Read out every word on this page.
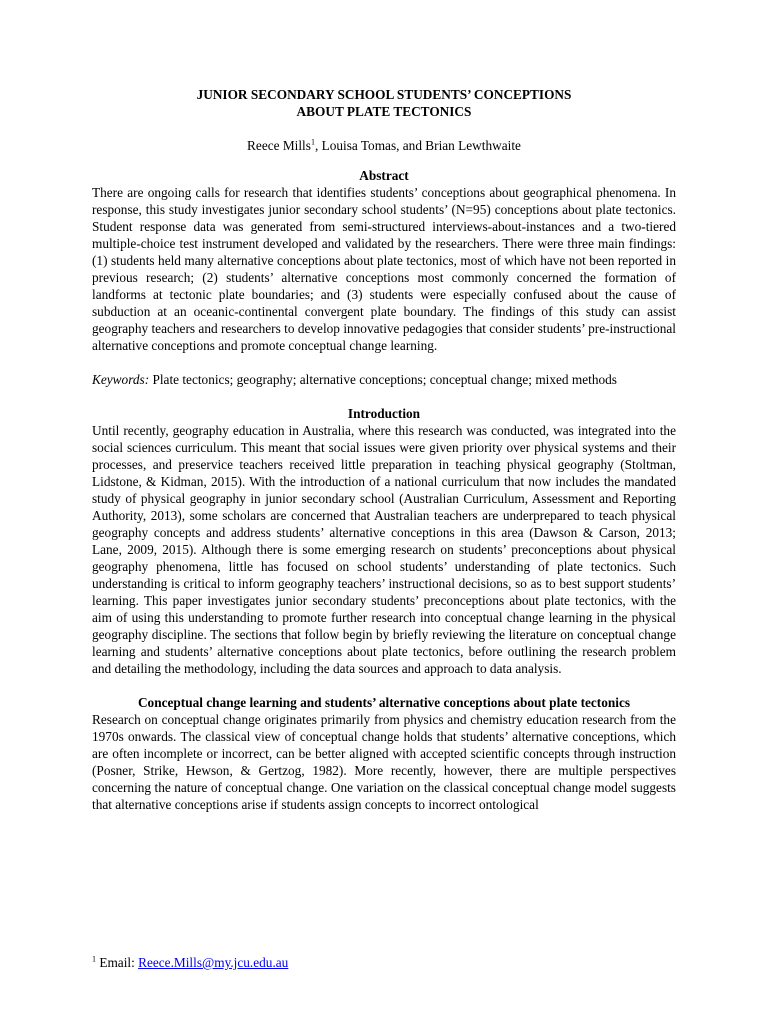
JUNIOR SECONDARY SCHOOL STUDENTS’ CONCEPTIONS
ABOUT PLATE TECTONICS
Reece Mills$^1$, Louisa Tomas, and Brian Lewthwaite
Abstract

There are ongoing calls for research that identifies students’ conceptions about geographical phenomena. In response, this study investigates junior secondary school students’ (N=95) conceptions about plate tectonics. Student response data was generated from semi-structured interviews-about-instances and a two-tiered multiple-choice test instrument developed and validated by the researchers. There were three main findings: (1) students held many alternative conceptions about plate tectonics, most of which have not been reported in previous research; (2) students’ alternative conceptions most commonly concerned the formation of landforms at tectonic plate boundaries; and (3) students were especially confused about the cause of subduction at an oceanic-continental convergent plate boundary. The findings of this study can assist geography teachers and researchers to develop innovative pedagogies that consider students’ pre-instructional alternative conceptions and promote conceptual change learning.

Keywords: Plate tectonics; geography; alternative conceptions; conceptual change; mixed methods
Introduction

Until recently, geography education in Australia, where this research was conducted, was integrated into the social sciences curriculum. This meant that social issues were given priority over physical systems and their processes, and preservice teachers received little preparation in teaching physical geography (Stoltman, Lidstone, & Kidman, 2015). With the introduction of a national curriculum that now includes the mandated study of physical geography in junior secondary school (Australian Curriculum, Assessment and Reporting Authority, 2013), some scholars are concerned that Australian teachers are underprepared to teach physical geography concepts and address students’ alternative conceptions in this area (Dawson & Carson, 2013; Lane, 2009, 2015). Although there is some emerging research on students’ preconceptions about physical geography phenomena, little has focused on school students’ understanding of plate tectonics. Such understanding is critical to inform geography teachers’ instructional decisions, so as to best support students’ learning. This paper investigates junior secondary students’ preconceptions about plate tectonics, with the aim of using this understanding to promote further research into conceptual change learning in the physical geography discipline. The sections that follow begin by briefly reviewing the literature on conceptual change learning and students’ alternative conceptions about plate tectonics, before outlining the research problem and detailing the methodology, including the data sources and approach to data analysis.

Conceptual change learning and students’ alternative conceptions about plate tectonics

Research on conceptual change originates primarily from physics and chemistry education research from the 1970s onwards. The classical view of conceptual change holds that students’ alternative conceptions, which are often incomplete or incorrect, can be better aligned with accepted scientific concepts through instruction (Posner, Strike, Hewson, & Gertzog, 1982). More recently, however, there are multiple perspectives concerning the nature of conceptual change. One variation on the classical conceptual change model suggests that alternative conceptions arise if students assign concepts to incorrect ontological

$^1$ Email: Reece.Mills@my.jcu.edu.au
